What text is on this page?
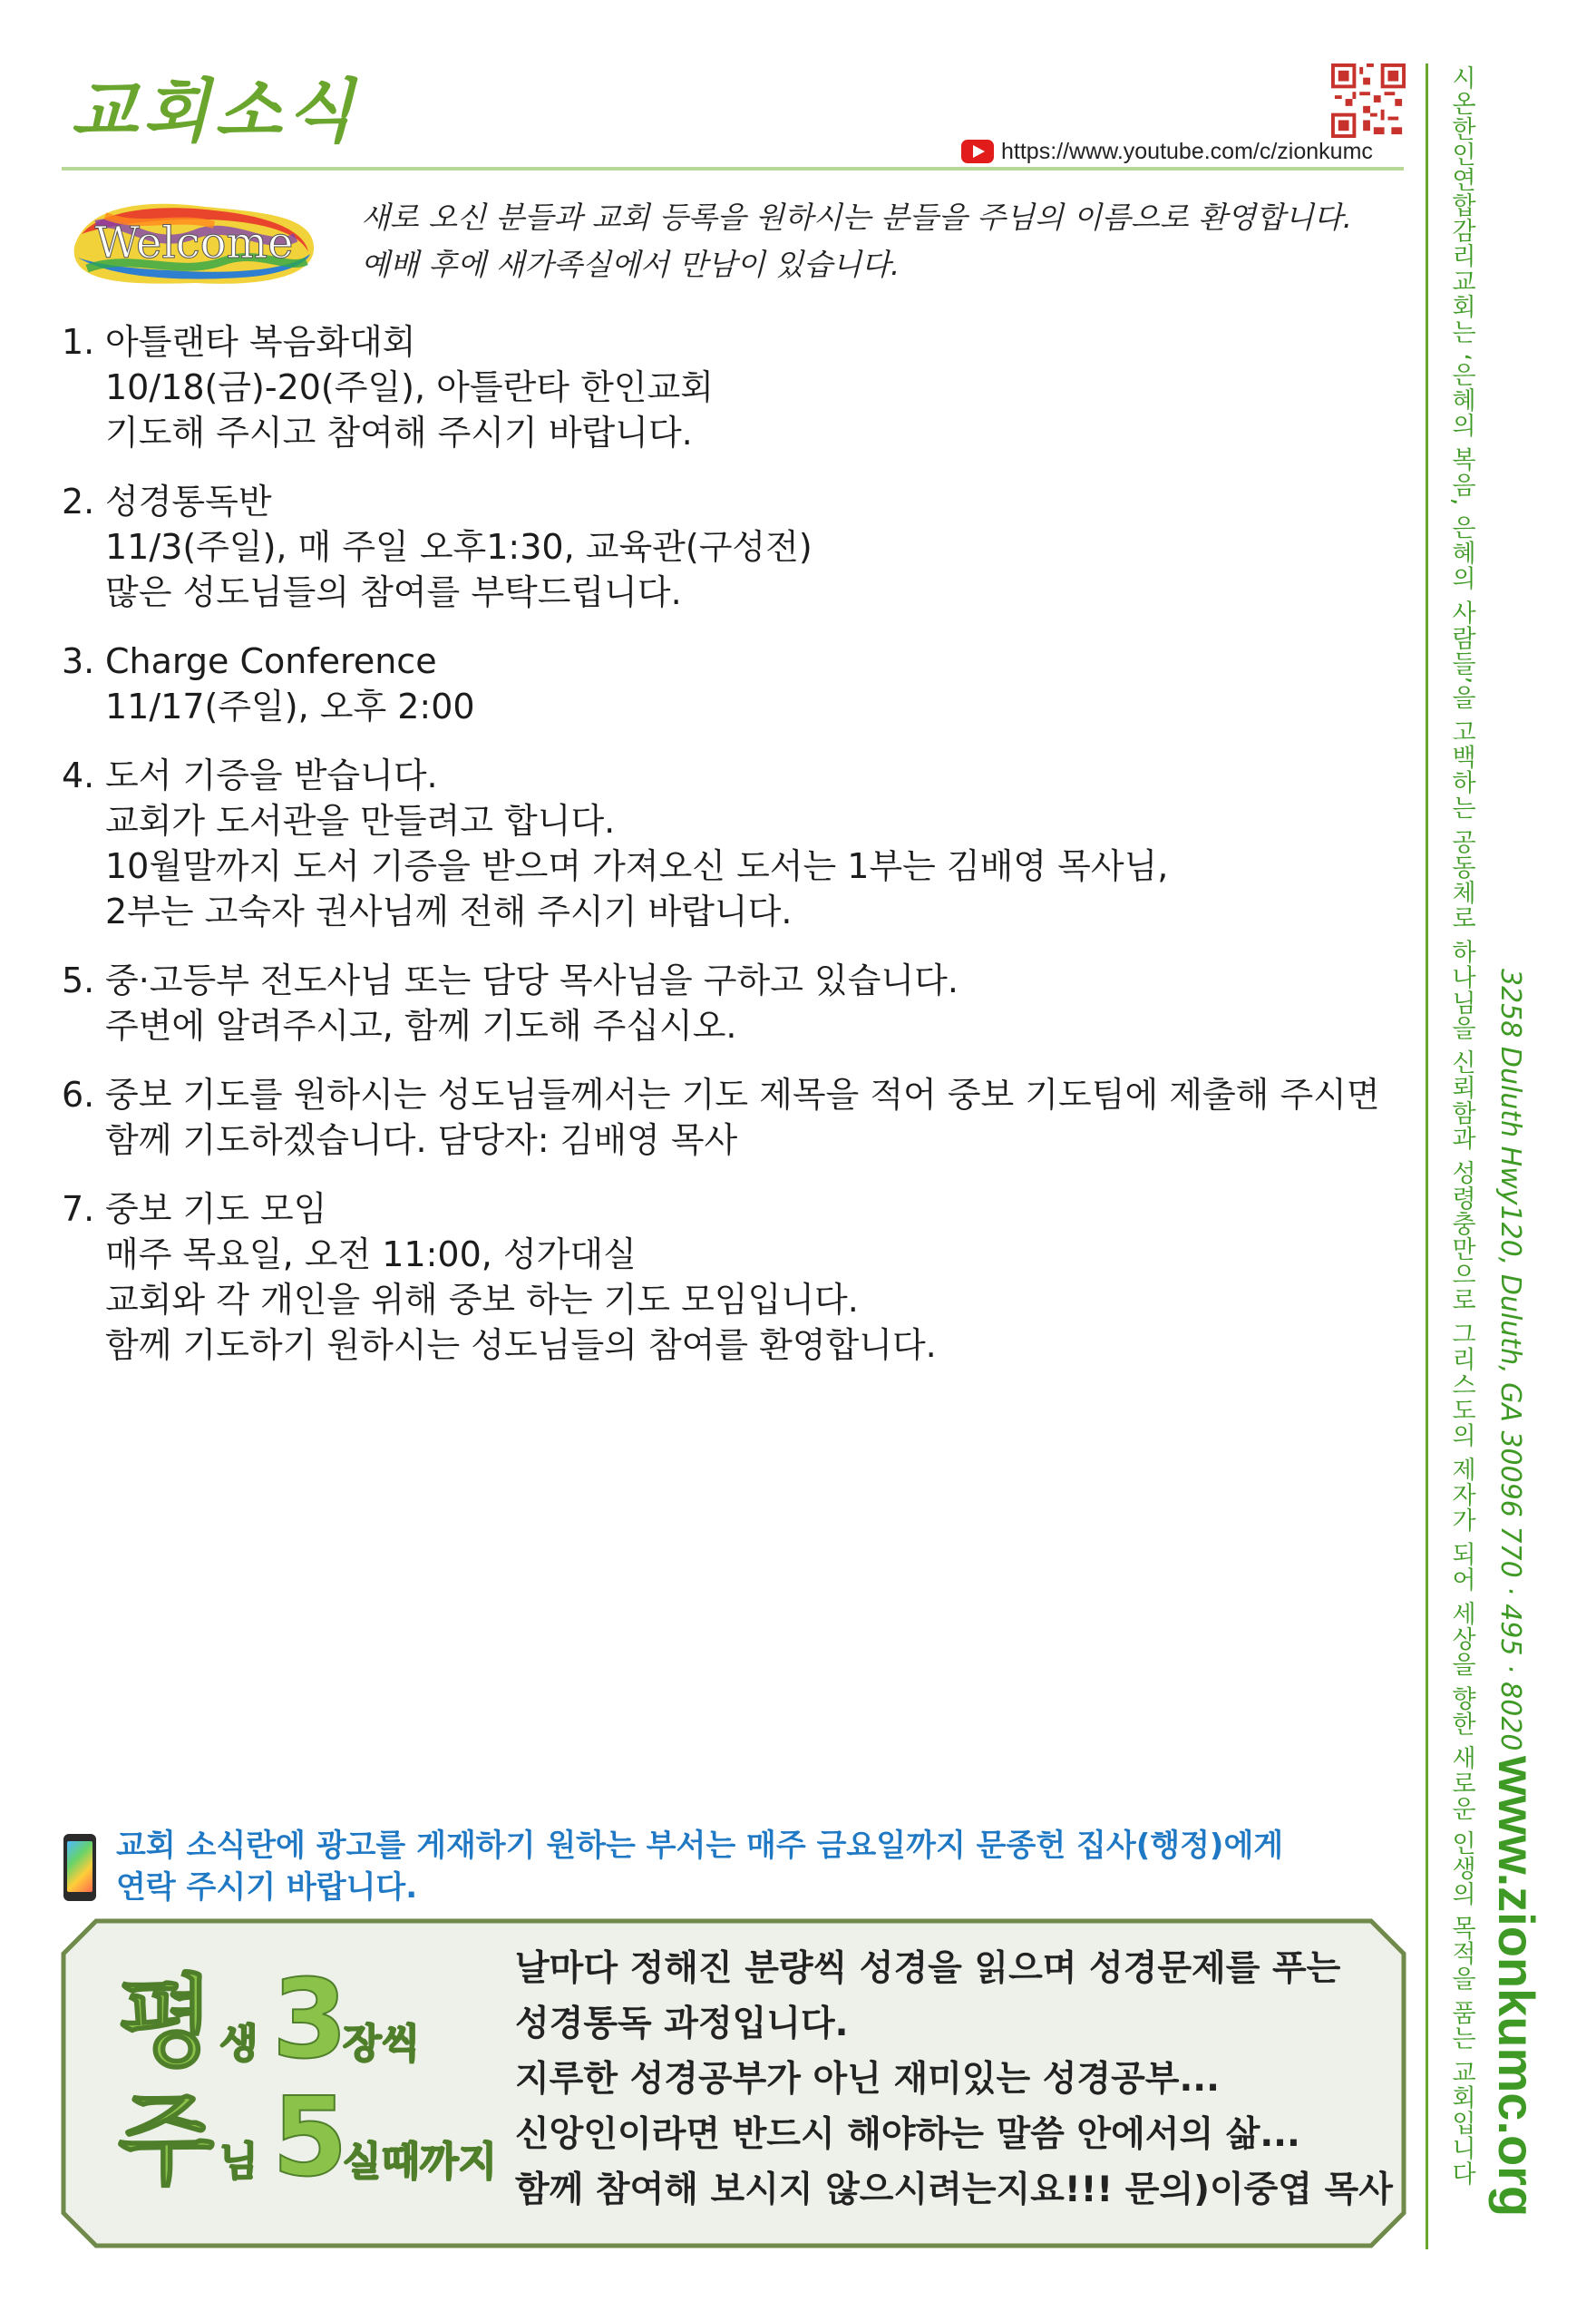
교회소식	https://www.youtube.com/c/zionkumc
Welcome
새로 오신 분들과 교회 등록을 원하시는 분들을 주님의 이름으로 환영합니다.
예배 후에 새가족실에서 만남이 있습니다.
1. 아틀랜타 복음화대회
10/18(금)-20(주일), 아틀란타 한인교회
기도해 주시고 참여해 주시기 바랍니다.
2. 성경통독반
11/3(주일), 매 주일 오후1:30, 교육관(구성전)
많은 성도님들의 참여를 부탁드립니다.
3. Charge Conference
11/17(주일), 오후 2:00
4. 도서 기증을 받습니다.
교회가 도서관을 만들려고 합니다.
10월말까지 도서 기증을 받으며 가져오신 도서는 1부는 김배영 목사님,
2부는 고숙자 권사님께 전해 주시기 바랍니다.
5. 중·고등부 전도사님 또는 담당 목사님을 구하고 있습니다.
주변에 알려주시고, 함께 기도해 주십시오.
6. 중보 기도를 원하시는 성도님들께서는 기도 제목을 적어 중보 기도팀에 제출해 주시면
함께 기도하겠습니다. 담당자: 김배영 목사
7. 중보 기도 모임
매주 목요일, 오전 11:00, 성가대실
교회와 각 개인을 위해 중보 하는 기도 모임입니다.
함께 기도하기 원하시는 성도님들의 참여를 환영합니다.
교회 소식란에 광고를 게재하기 원하는 부서는 매주 금요일까지 문종헌 집사(행정)에게
연락 주시기 바랍니다.
평 생 3
장씩
주 님 5
실때까지
날마다 정해진 분량씩 성경을 읽으며 성경문제를 푸는
성경통독 과정입니다.
지루한 성경공부가 아닌 재미있는 성경공부...
신앙인이라면 반드시 해야하는 말씀 안에서의 삶...
함께 참여해 보시지 않으시려는지요!!! 문의)이중엽 목사
시온한인연합감리교회는 ‘은혜의 복음, 은혜의 사람들’을 고백하는 공동체로 하나님을 신뢰함과 성령충만으로 그리스도의 제자가 되어 세상을 향한 새로운 인생의 목적을 품는 교회입니다 3258 Duluth Hwy120, Duluth, GA 30096 770 · 495 · 8020
www.zionkumc.org
